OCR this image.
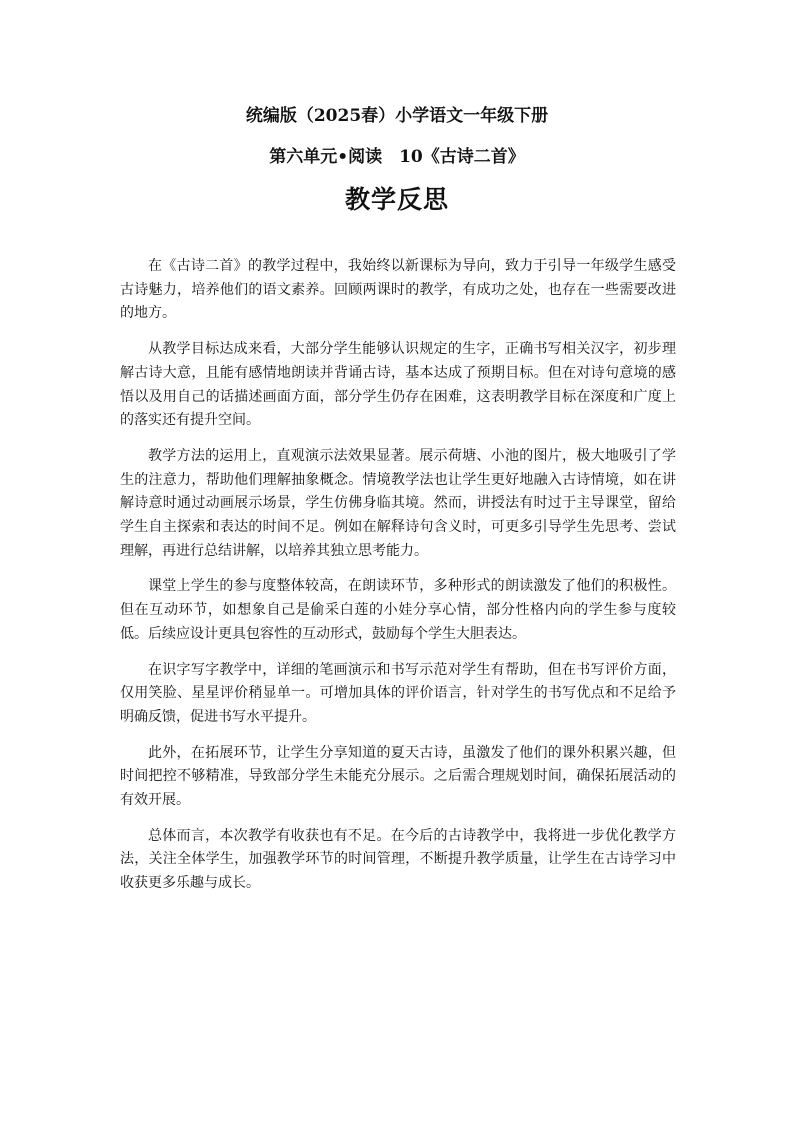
统编版（2025春）小学语文一年级下册
第六单元•阅读　10《古诗二首》
教学反思

在《古诗二首》的教学过程中，我始终以新课标为导向，致力于引导一年级学生感受古诗魅力，培养他们的语文素养。回顾两课时的教学，有成功之处，也存在一些需要改进的地方。

从教学目标达成来看，大部分学生能够认识规定的生字，正确书写相关汉字，初步理解古诗大意，且能有感情地朗读并背诵古诗，基本达成了预期目标。但在对诗句意境的感悟以及用自己的话描述画面方面，部分学生仍存在困难，这表明教学目标在深度和广度上的落实还有提升空间。

教学方法的运用上，直观演示法效果显著。展示荷塘、小池的图片，极大地吸引了学生的注意力，帮助他们理解抽象概念。情境教学法也让学生更好地融入古诗情境，如在讲解诗意时通过动画展示场景，学生仿佛身临其境。然而，讲授法有时过于主导课堂，留给学生自主探索和表达的时间不足。例如在解释诗句含义时，可更多引导学生先思考、尝试理解，再进行总结讲解，以培养其独立思考能力。

课堂上学生的参与度整体较高，在朗读环节，多种形式的朗读激发了他们的积极性。但在互动环节，如想象自己是偷采白莲的小娃分享心情，部分性格内向的学生参与度较低。后续应设计更具包容性的互动形式，鼓励每个学生大胆表达。

在识字写字教学中，详细的笔画演示和书写示范对学生有帮助，但在书写评价方面，仅用笑脸、星星评价稍显单一。可增加具体的评价语言，针对学生的书写优点和不足给予明确反馈，促进书写水平提升。

此外，在拓展环节，让学生分享知道的夏天古诗，虽激发了他们的课外积累兴趣，但时间把控不够精准，导致部分学生未能充分展示。之后需合理规划时间，确保拓展活动的有效开展。

总体而言，本次教学有收获也有不足。在今后的古诗教学中，我将进一步优化教学方法，关注全体学生，加强教学环节的时间管理，不断提升教学质量，让学生在古诗学习中收获更多乐趣与成长。
